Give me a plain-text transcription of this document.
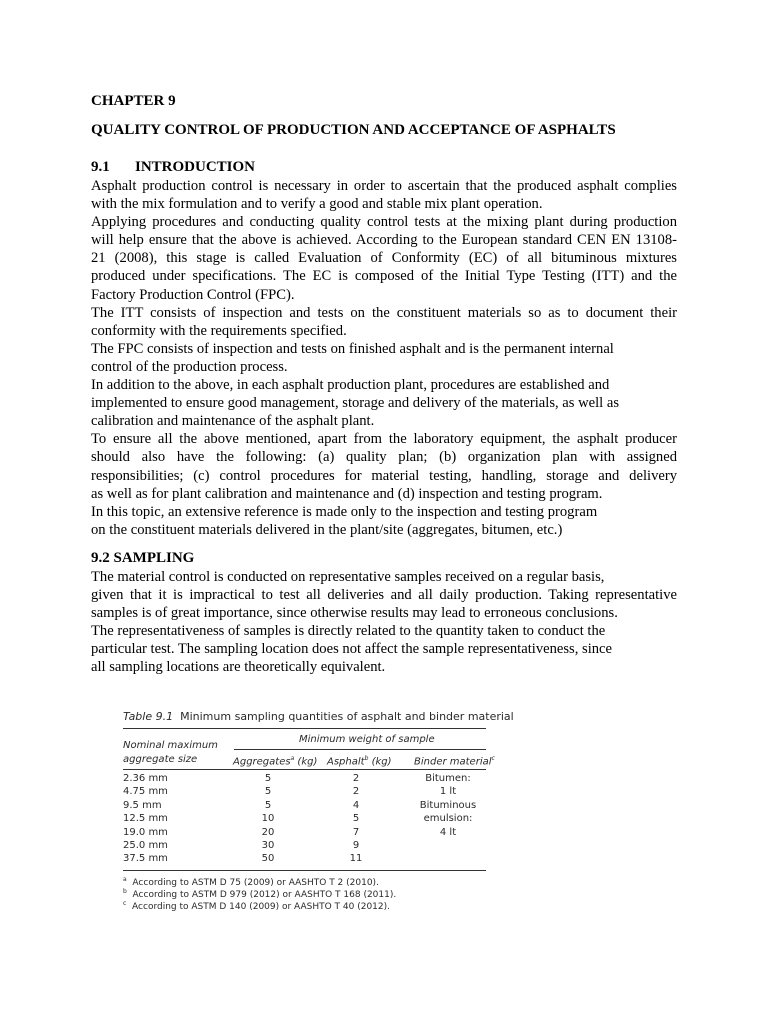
CHAPTER 9
QUALITY CONTROL OF PRODUCTION AND ACCEPTANCE OF ASPHALTS
9.1 INTRODUCTION
Asphalt production control is necessary in order to ascertain that the produced asphalt complies
with the mix formulation and to verify a good and stable mix plant operation.
Applying procedures and conducting quality control tests at the mixing plant during production
will help ensure that the above is achieved. According to the European standard CEN EN 13108-
21 (2008), this stage is called Evaluation of Conformity (EC) of all bituminous mixtures
produced under specifications. The EC is composed of the Initial Type Testing (ITT) and the
Factory Production Control (FPC).
The ITT consists of inspection and tests on the constituent materials so as to document their
conformity with the requirements specified.
The FPC consists of inspection and tests on finished asphalt and is the permanent internal
control of the production process.
In addition to the above, in each asphalt production plant, procedures are established and
implemented to ensure good management, storage and delivery of the materials, as well as
calibration and maintenance of the asphalt plant.
To ensure all the above mentioned, apart from the laboratory equipment, the asphalt producer
should also have the following: (a) quality plan; (b) organization plan with assigned
responsibilities; (c) control procedures for material testing, handling, storage and delivery
as well as for plant calibration and maintenance and (d) inspection and testing program.
In this topic, an extensive reference is made only to the inspection and testing program
on the constituent materials delivered in the plant/site (aggregates, bitumen, etc.)
9.2 SAMPLING
The material control is conducted on representative samples received on a regular basis,
given that it is impractical to test all deliveries and all daily production. Taking representative
samples is of great importance, since otherwise results may lead to erroneous conclusions.
The representativeness of samples is directly related to the quantity taken to conduct the
particular test. The sampling location does not affect the sample representativeness, since
all sampling locations are theoretically equivalent.
Table 9.1 Minimum sampling quantities of asphalt and binder material
Nominal maximum
aggregate size
Minimum weight of sample
Aggregates$^a$ (kg) Asphalt$^b$ (kg) Binder material$^c$
2.36 mm	5	2	Bitumen:
4.75 mm	5	2	1 lt
9.5 mm	5	4	Bituminous
12.5 mm	10	5	emulsion:
19.0 mm	20	7	4 lt
25.0 mm	30	9
37.5 mm	50	11
$^a$ According to ASTM D 75 (2009) or AASHTO T 2 (2010).
$^b$ According to ASTM D 979 (2012) or AASHTO T 168 (2011).
$^c$ According to ASTM D 140 (2009) or AASHTO T 40 (2012).
